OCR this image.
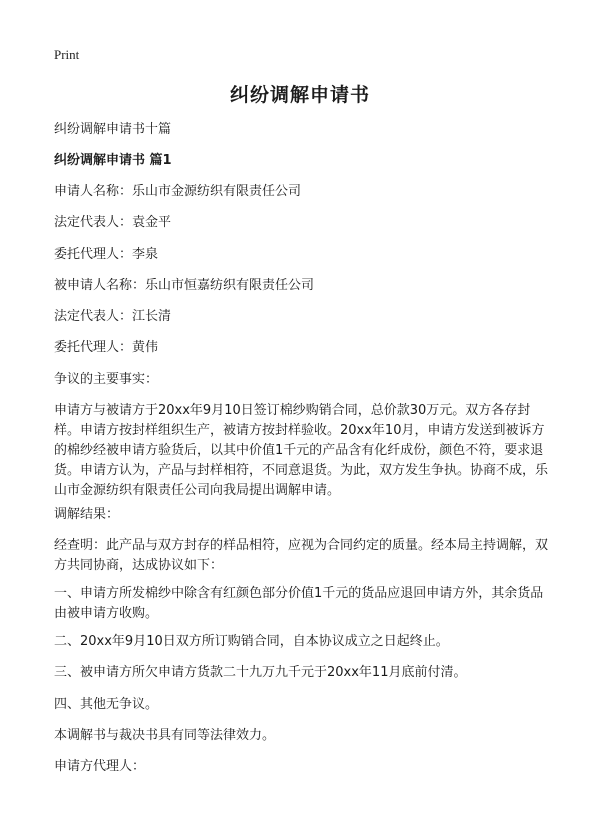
Print
纠纷调解申请书
纠纷调解申请书十篇
纠纷调解申请书 篇1
申请人名称：乐山市金源纺织有限责任公司
法定代表人：袁金平
委托代理人：李泉
被申请人名称：乐山市恒嘉纺织有限责任公司
法定代表人：江长清
委托代理人：黄伟
争议的主要事实：
申请方与被请方于20xx年9月10日签订棉纱购销合同，总价款30万元。双方各存封样。申请方按封样组织生产，被请方按封样验收。20xx年10月，申请方发送到被诉方的棉纱经被申请方验货后，以其中价值1千元的产品含有化纤成份，颜色不符，要求退货。申请方认为，产品与封样相符，不同意退货。为此，双方发生争执。协商不成，乐山市金源纺织有限责任公司向我局提出调解申请。
调解结果：
经查明：此产品与双方封存的样品相符，应视为合同约定的质量。经本局主持调解，双方共同协商，达成协议如下：
一、申请方所发棉纱中除含有红颜色部分价值1千元的货品应退回申请方外，其余货品由被申请方收购。
二、20xx年9月10日双方所订购销合同，自本协议成立之日起终止。
三、被申请方所欠申请方货款二十九万九千元于20xx年11月底前付清。
四、其他无争议。
本调解书与裁决书具有同等法律效力。
申请方代理人：
